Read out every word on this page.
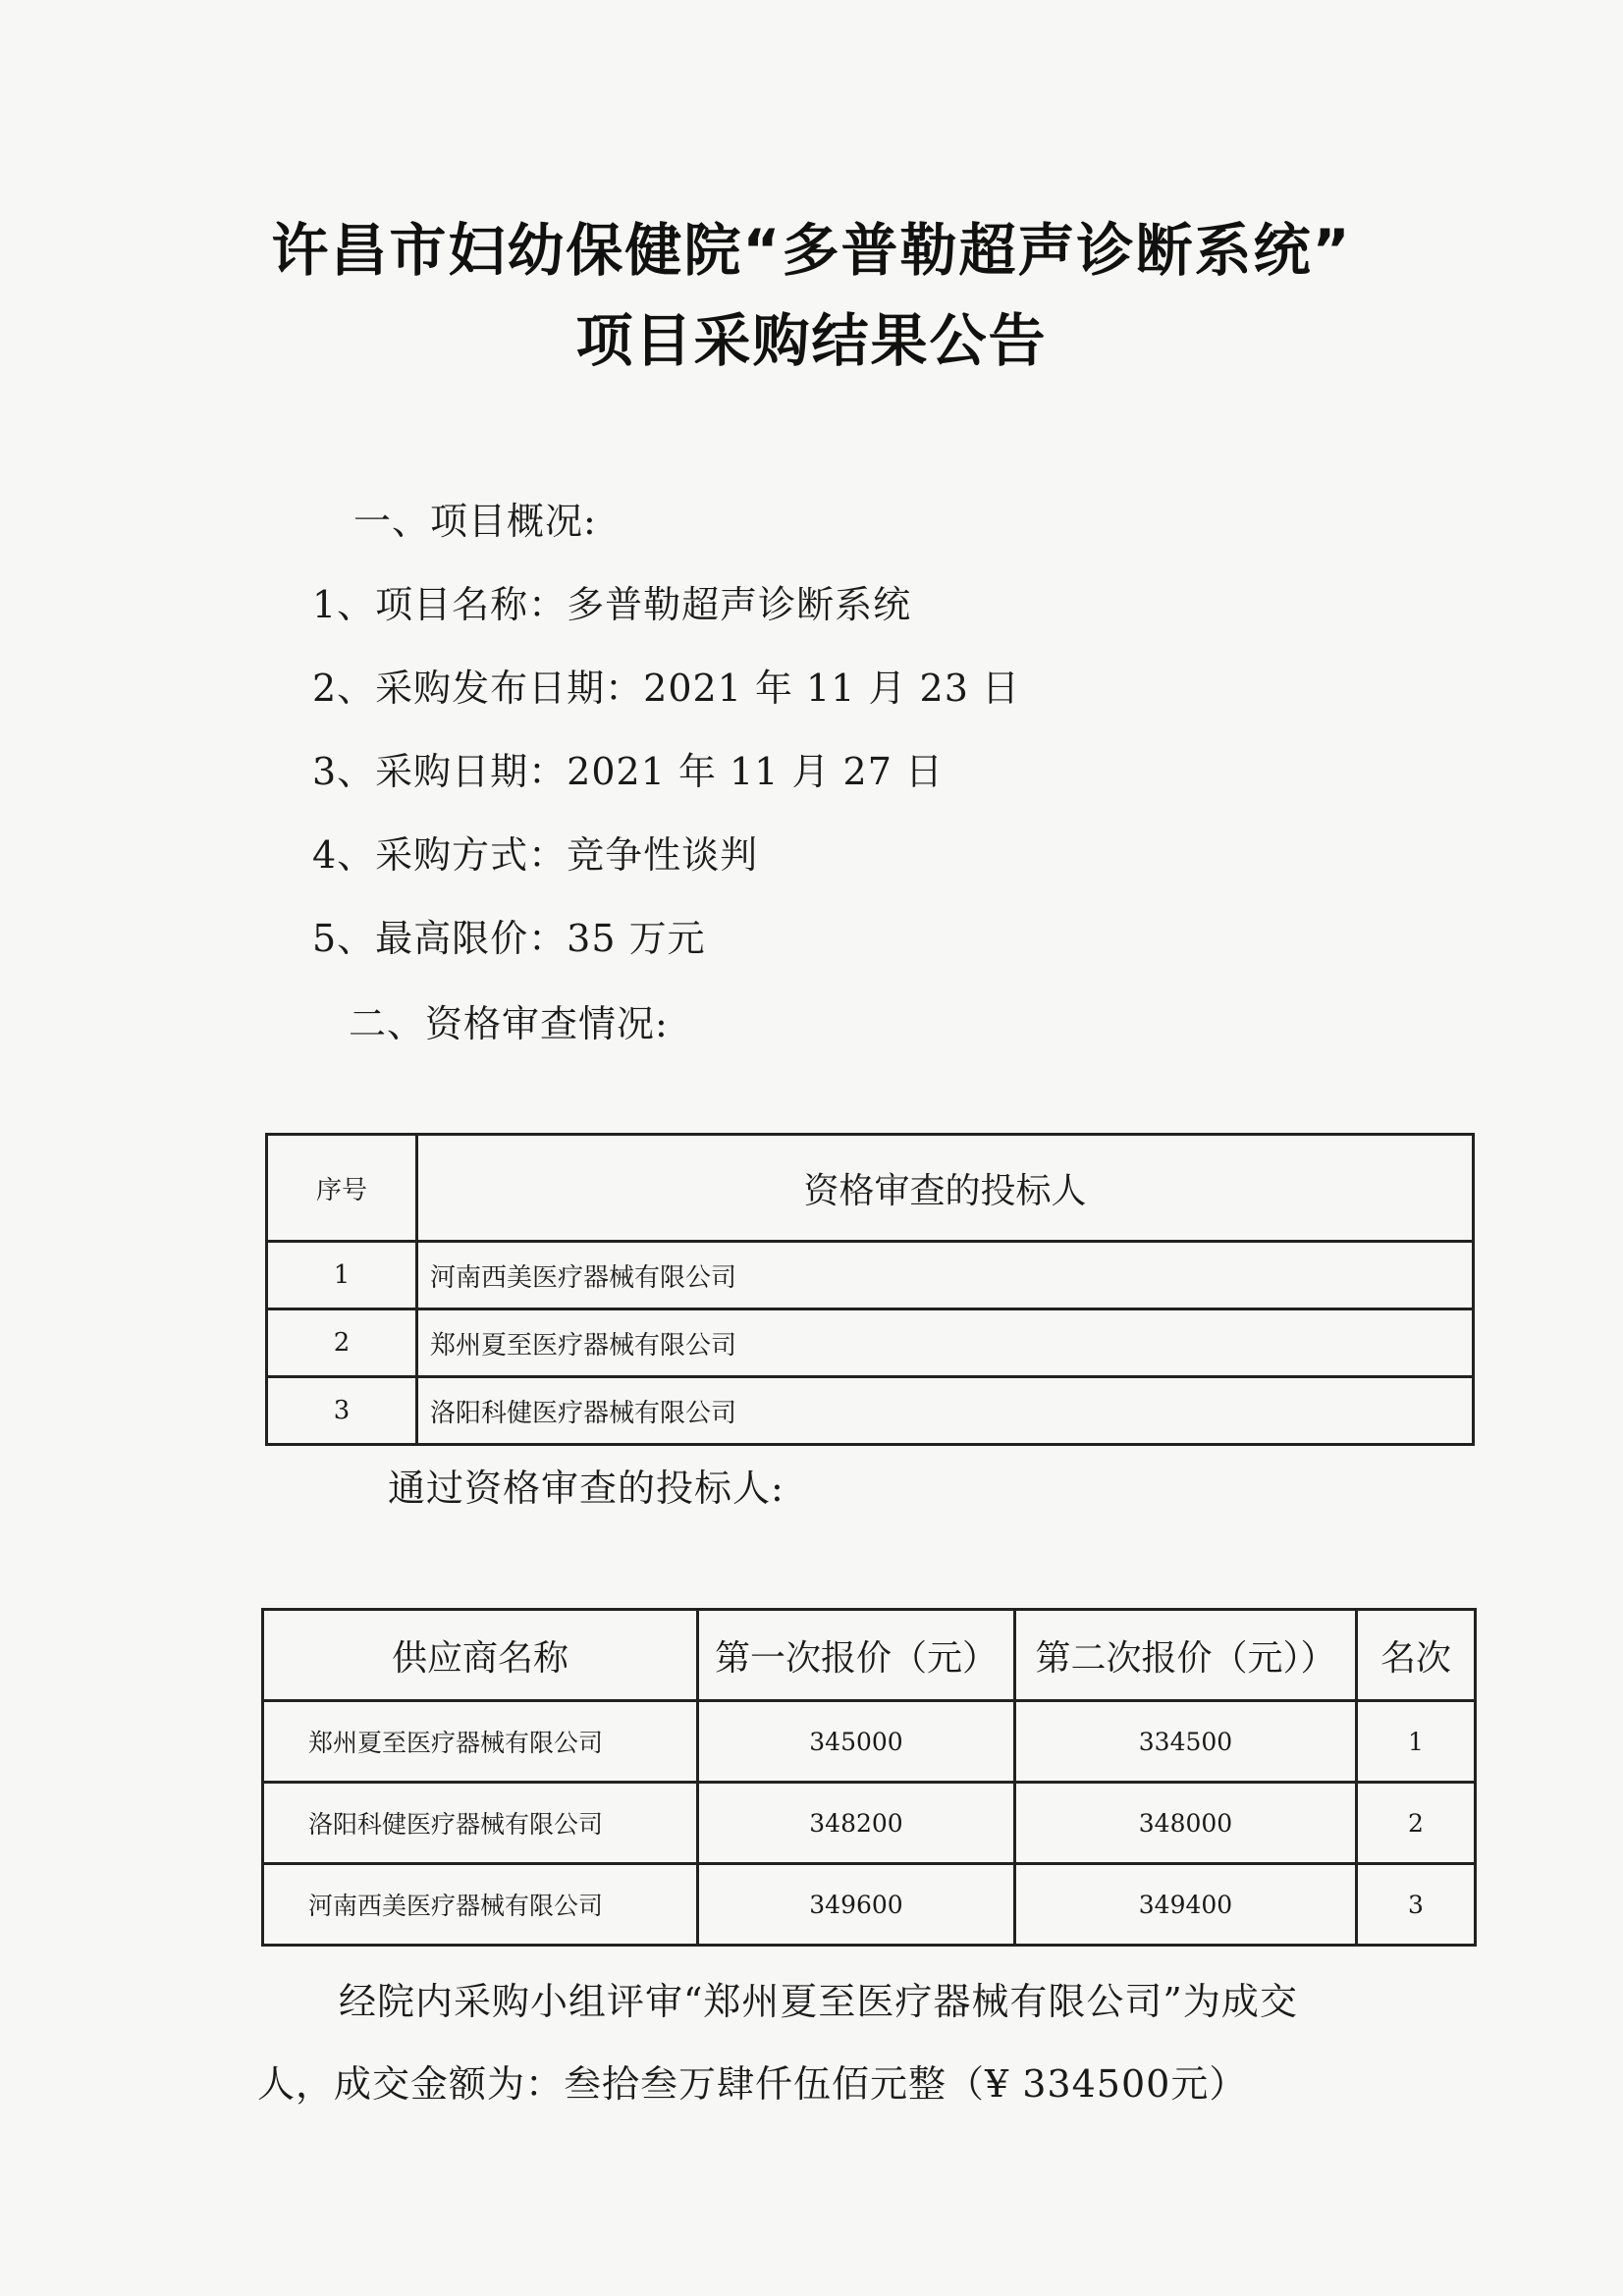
许昌市妇幼保健院“多普勒超声诊断系统”
项目采购结果公告
一、项目概况:
1、项目名称：多普勒超声诊断系统
2、采购发布日期：2021 年 11 月 23 日
3、采购日期：2021 年 11 月 27 日
4、采购方式：竞争性谈判
5、最高限价：35 万元
二、资格审查情况:
序号	资格审查的投标人
1	河南西美医疗器械有限公司
2	郑州夏至医疗器械有限公司
3	洛阳科健医疗器械有限公司
通过资格审查的投标人:
供应商名称	第一次报价（元）	第二次报价（元））	名次
郑州夏至医疗器械有限公司	345000	334500	1
洛阳科健医疗器械有限公司	348200	348000	2
河南西美医疗器械有限公司	349600	349400	3
经院内采购小组评审“郑州夏至医疗器械有限公司”为成交
人，成交金额为：叁拾叁万肆仟伍佰元整（¥ 334500元）
